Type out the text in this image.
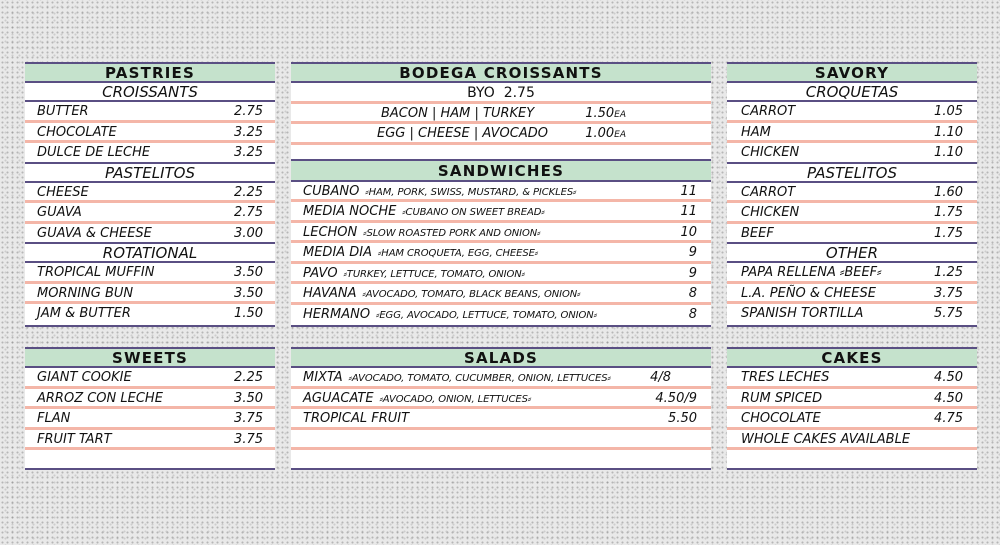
PASTRIES
CROISSANTS
BUTTER	2.75
CHOCOLATE	3.25
DULCE DE LECHE	3.25
PASTELITOS
CHEESE	2.25
GUAVA	2.75
GUAVA & CHEESE	3.00
ROTATIONAL
TROPICAL MUFFIN	3.50
MORNING BUN	3.50
JAM & BUTTER	1.50
SWEETS
GIANT COOKIE	2.25
ARROZ CON LECHE	3.50
FLAN	3.75
FRUIT TART	3.75
BODEGA CROISSANTS
BYO 2.75
BACON | HAM | TURKEY	1.50EA
EGG | CHEESE | AVOCADO	1.00EA
SANDWICHES
CUBANO ⸗HAM, PORK, SWISS, MUSTARD, & PICKLES⸗	11
MEDIA NOCHE ⸗CUBANO ON SWEET BREAD⸗	11
LECHON ⸗SLOW ROASTED PORK AND ONION⸗	10
MEDIA DIA ⸗HAM CROQUETA, EGG, CHEESE⸗	9
PAVO ⸗TURKEY, LETTUCE, TOMATO, ONION⸗	9
HAVANA ⸗AVOCADO, TOMATO, BLACK BEANS, ONION⸗	8
HERMANO ⸗EGG, AVOCADO, LETTUCE, TOMATO, ONION⸗	8
SALADS
MIXTA ⸗AVOCADO, TOMATO, CUCUMBER, ONION, LETTUCES⸗	4/8
AGUACATE ⸗AVOCADO, ONION, LETTUCES⸗	4.50/9
TROPICAL FRUIT	5.50
SAVORY
CROQUETAS
CARROT	1.05
HAM	1.10
CHICKEN	1.10
PASTELITOS
CARROT	1.60
CHICKEN	1.75
BEEF	1.75
OTHER
PAPA RELLENA ⸗BEEF⸗	1.25
L.A. PEÑO & CHEESE	3.75
SPANISH TORTILLA	5.75
CAKES
TRES LECHES	4.50
RUM SPICED	4.50
CHOCOLATE	4.75
WHOLE CAKES AVAILABLE
